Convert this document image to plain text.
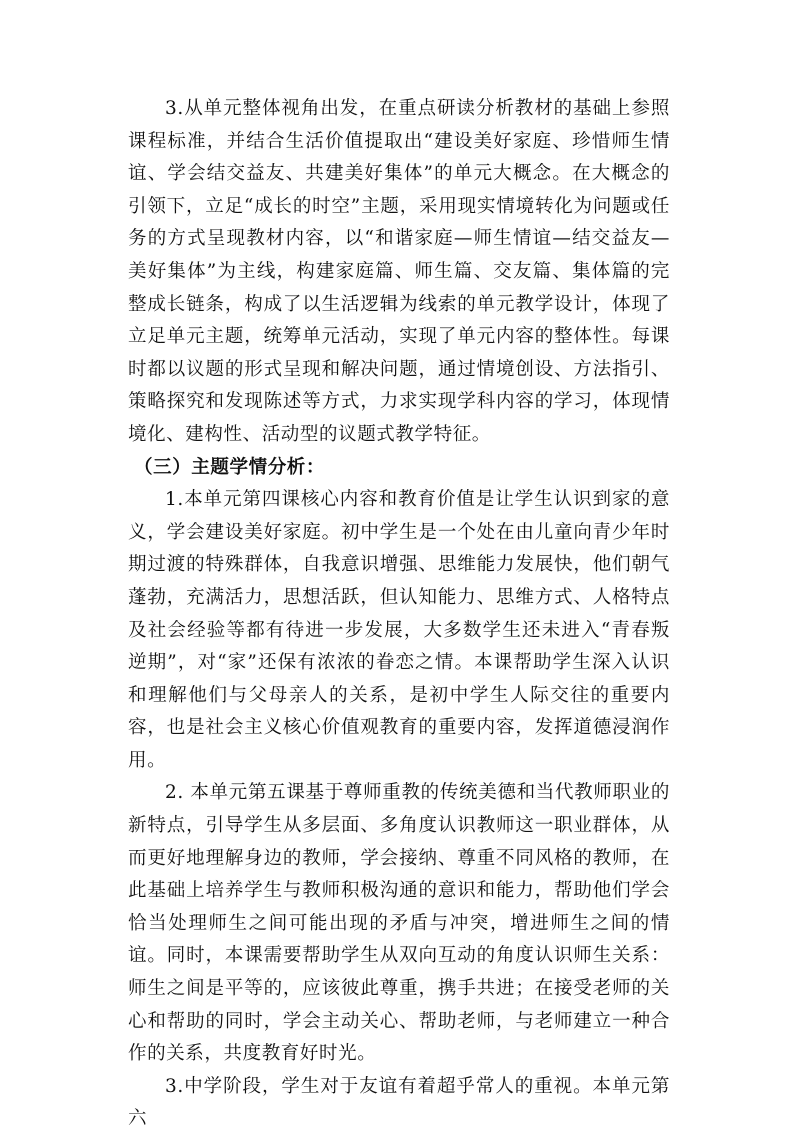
3.从单元整体视角出发，在重点研读分析教材的基础上参照课程标准，并结合生活价值提取出“建设美好家庭、珍惜师生情谊、学会结交益友、共建美好集体”的单元大概念。在大概念的引领下，立足“成长的时空”主题，采用现实情境转化为问题或任务的方式呈现教材内容，以“和谐家庭—师生情谊—结交益友—美好集体”为主线，构建家庭篇、师生篇、交友篇、集体篇的完整成长链条，构成了以生活逻辑为线索的单元教学设计，体现了立足单元主题，统筹单元活动，实现了单元内容的整体性。每课时都以议题的形式呈现和解决问题，通过情境创设、方法指引、策略探究和发现陈述等方式，力求实现学科内容的学习，体现情境化、建构性、活动型的议题式教学特征。

（三）主题学情分析：

1.本单元第四课核心内容和教育价值是让学生认识到家的意义，学会建设美好家庭。初中学生是一个处在由儿童向青少年时期过渡的特殊群体，自我意识增强、思维能力发展快，他们朝气蓬勃，充满活力，思想活跃，但认知能力、思维方式、人格特点及社会经验等都有待进一步发展，大多数学生还未进入“青春叛逆期”，对“家”还保有浓浓的眷恋之情。本课帮助学生深入认识和理解他们与父母亲人的关系，是初中学生人际交往的重要内容，也是社会主义核心价值观教育的重要内容，发挥道德浸润作用。

2. 本单元第五课基于尊师重教的传统美德和当代教师职业的新特点，引导学生从多层面、多角度认识教师这一职业群体，从而更好地理解身边的教师，学会接纳、尊重不同风格的教师，在此基础上培养学生与教师积极沟通的意识和能力，帮助他们学会恰当处理师生之间可能出现的矛盾与冲突，增进师生之间的情谊。同时，本课需要帮助学生从双向互动的角度认识师生关系：师生之间是平等的，应该彼此尊重，携手共进；在接受老师的关心和帮助的同时，学会主动关心、帮助老师，与老师建立一种合作的关系，共度教育好时光。

3.中学阶段，学生对于友谊有着超乎常人的重视。本单元第六
